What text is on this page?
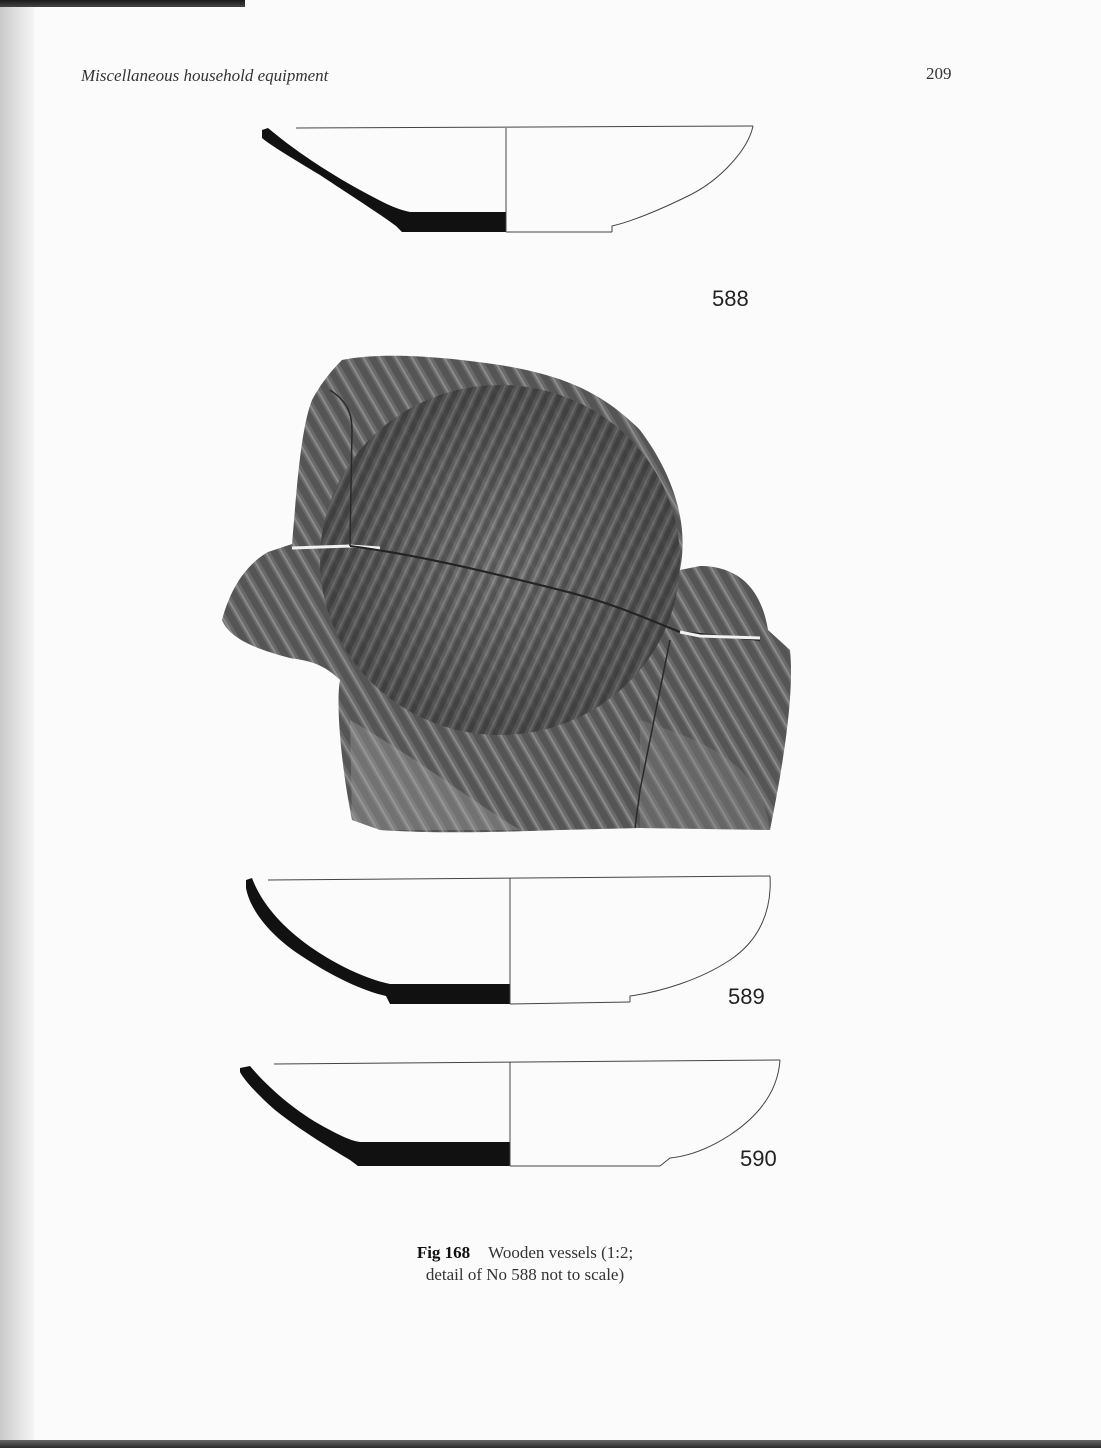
Miscellaneous household equipment	209
588
589
590
Fig 168 Wooden vessels (1:2;
detail of No 588 not to scale)
